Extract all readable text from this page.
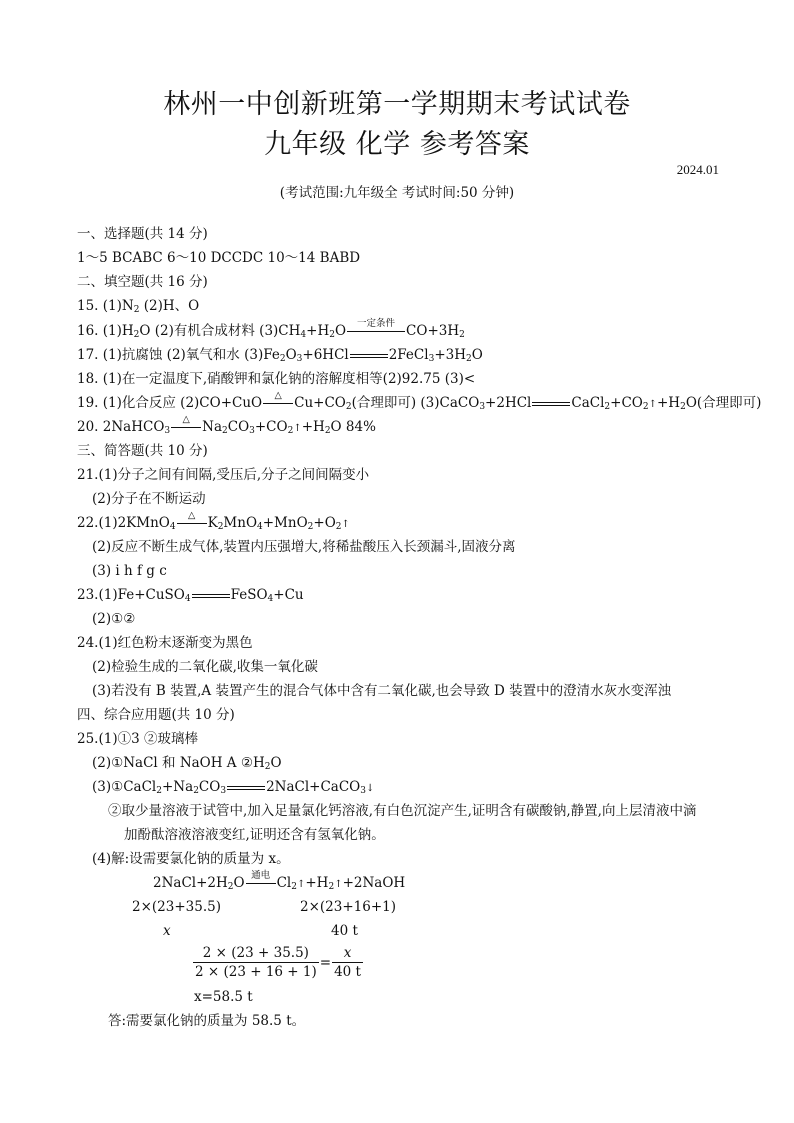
林州一中创新班第一学期期末考试试卷
九年级 化学 参考答案
2024.01
(考试范围:九年级全 考试时间:50 分钟)
一、选择题(共 14 分)
1～5 BCABC 6～10 DCCDC 10～14 BABD
二、填空题(共 16 分)
15. $(1)N_2$ (2)H、O
16. $(1)H_2O$ (2)有机合成材料 $(3)CH_4+H_2O$	一定条件 $CO+3H_2$
17. (1)抗腐蚀 (2)氧气和水 $(3)Fe_2O_3+6HCl$	$2FeCl_3+3H_2O$
18. (1)在一定温度下,硝酸钾和氯化钠的溶解度相等(2)92.75 (3)<
19. (1)化合反应 (2)CO+CuO	△ $Cu+CO_2$(合理即可) (3)CaCO$_3$+2HCl	$CaCl_2+CO_2↑+H_2O$(合理即可)
20. 2NaHCO$_3$
△ $Na_2CO_3+CO_2↑+H_2O$ 84%
三、简答题(共 10 分)
21.(1)分子之间有间隔,受压后,分子之间间隔变小
(2)分子在不断运动
22.(1)2KMnO$_4$
△ $K_2MnO_4+MnO_2+O_2↑$
(2)反应不断生成气体,装置内压强增大,将稀盐酸压入长颈漏斗,固液分离
(3) i h f g c
23.(1)Fe+CuSO$_4$	FeSO$_4$+Cu
(2)①②
24.(1)红色粉末逐渐变为黑色
(2)检验生成的二氧化碳,收集一氧化碳
(3)若没有 B 装置,A 装置产生的混合气体中含有二氧化碳,也会导致 D 装置中的澄清水灰水变浑浊
四、综合应用题(共 10 分)
25.(1)①3 ②玻璃棒
(2)①NaCl 和 NaOH A $②H_2O$
$(3)①CaCl_2+Na_2CO_3$	2NaCl+CaCO$_3$↓
②取少量溶液于试管中,加入足量氯化钙溶液,有白色沉淀产生,证明含有碳酸钠,静置,向上层清液中滴
加酚酞溶液溶液变红,证明还含有氢氧化钠。
(4)解:设需要氯化钠的质量为 x。
$2NaCl+2H_2O$ 通电 $Cl_2↑+H_2↑+2NaOH$
2×(23+35.5)	2×(23+16+1)
x	40 t
$\frac{2 \times (23 + 35.5)}{2 \times (23 + 16 + 1)} = \frac{x}{40 t}$
x=58.5 t
答:需要氯化钠的质量为 58.5 t。
